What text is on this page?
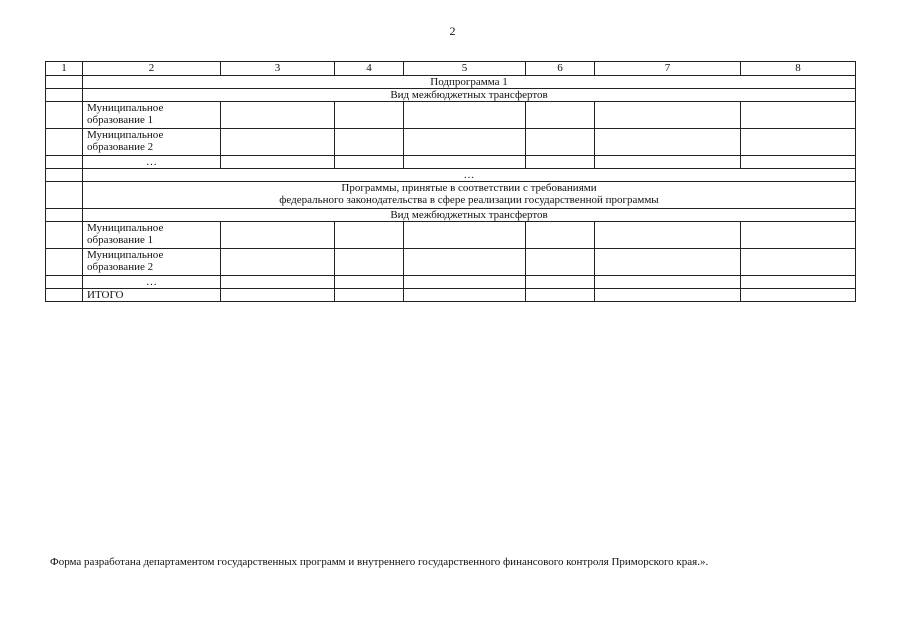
2
1	2	3	4	5	6	7	8
	Подпрограмма 1						
	Вид межбюджетных трансфертов						
	Муниципальное образование 1						
	Муниципальное образование 2						
	…						
	…						

	Программы, принятые в соответствии с требованиями
федерального законодательства в сфере реализации государственной программы						

	Вид межбюджетных трансфертов						
	Муниципальное образование 1						
	Муниципальное образование 2						
	…						
	ИТОГО						
Форма разработана департаментом государственных программ и внутреннего государственного финансового контроля Приморского края.».
